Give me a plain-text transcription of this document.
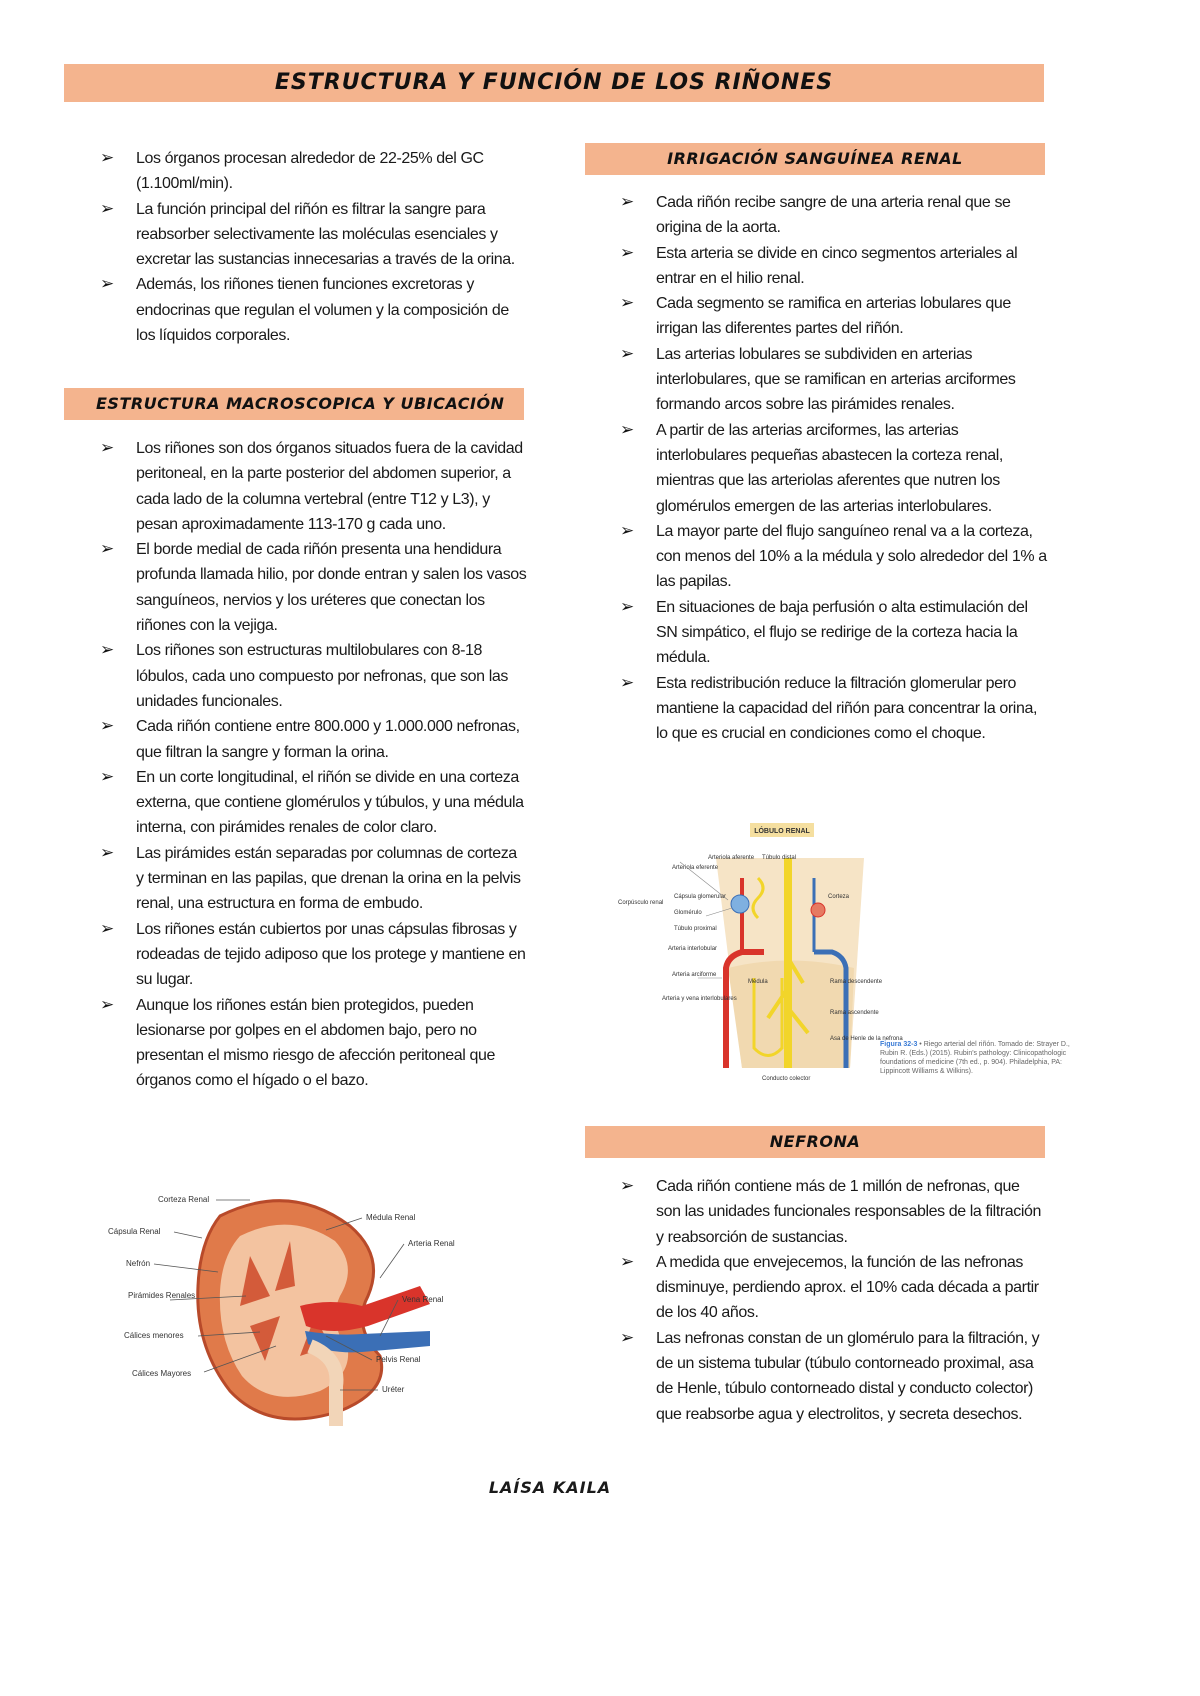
ESTRUCTURA Y FUNCIÓN DE LOS RIÑONES
➢ Los órganos procesan alrededor de 22-25% del GC (1.100ml/min).
➢ La función principal del riñón es filtrar la sangre para reabsorber selectivamente las moléculas esenciales y excretar las sustancias innecesarias a través de la orina.
➢ Además, los riñones tienen funciones excretoras y endocrinas que regulan el volumen y la composición de los líquidos corporales.
ESTRUCTURA MACROSCOPICA Y UBICACIÓN
➢ Los riñones son dos órganos situados fuera de la cavidad peritoneal, en la parte posterior del abdomen superior, a cada lado de la columna vertebral (entre T12 y L3), y pesan aproximadamente 113-170 g cada uno.
➢ El borde medial de cada riñón presenta una hendidura profunda llamada hilio, por donde entran y salen los vasos sanguíneos, nervios y los uréteres que conectan los riñones con la vejiga.
➢ Los riñones son estructuras multilobulares con 8-18 lóbulos, cada uno compuesto por nefronas, que son las unidades funcionales.
➢ Cada riñón contiene entre 800.000 y 1.000.000 nefronas, que filtran la sangre y forman la orina.
➢ En un corte longitudinal, el riñón se divide en una corteza externa, que contiene glomérulos y túbulos, y una médula interna, con pirámides renales de color claro.
➢ Las pirámides están separadas por columnas de corteza y terminan en las papilas, que drenan la orina en la pelvis renal, una estructura en forma de embudo.
➢ Los riñones están cubiertos por unas cápsulas fibrosas y rodeadas de tejido adiposo que los protege y mantiene en su lugar.
➢ Aunque los riñones están bien protegidos, pueden lesionarse por golpes en el abdomen bajo, pero no presentan el mismo riesgo de afección peritoneal que órganos como el hígado o el bazo.
IRRIGACIÓN SANGUÍNEA RENAL
➢ Cada riñón recibe sangre de una arteria renal que se origina de la aorta.
➢ Esta arteria se divide en cinco segmentos arteriales al entrar en el hilio renal.
➢ Cada segmento se ramifica en arterias lobulares que irrigan las diferentes partes del riñón.
➢ Las arterias lobulares se subdividen en arterias interlobulares, que se ramifican en arterias arciformes formando arcos sobre las pirámides renales.
➢ A partir de las arterias arciformes, las arterias interlobulares pequeñas abastecen la corteza renal, mientras que las arteriolas aferentes que nutren los glomérulos emergen de las arterias interlobulares.
➢ La mayor parte del flujo sanguíneo renal va a la corteza, con menos del 10% a la médula y solo alrededor del 1% a las papilas.
➢ En situaciones de baja perfusión o alta estimulación del SN simpático, el flujo se redirige de la corteza hacia la médula.
➢ Esta redistribución reduce la filtración glomerular pero mantiene la capacidad del riñón para concentrar la orina, lo que es crucial en condiciones como el choque.
LÓBULO RENAL
Arteriola aferente
Arteriola eferente
Túbulo distal
Corpúsculo renal
Cápsula glomerular
Glomérulo
Túbulo proximal
Arteria interlobular
Arteria arciforme
Arteria y vena interlobulares
Corteza
Médula	Rama descendente
Rama ascendente
Asa de Henle de la nefrona
Conducto colector
Figura 32-3 • Riego arterial del riñón. Tomado de: Strayer D., Rubin R. (Eds.) (2015). Rubin's pathology: Clinicopathologic foundations of medicine (7th ed., p. 904). Philadelphia, PA: Lippincott Williams & Wilkins).
Corteza Renal
Cápsula Renal
Nefrón
Pirámides Renales
Cálices menores
Cálices Mayores
Médula Renal
Arteria Renal
Vena Renal
Pelvis Renal
Uréter
NEFRONA
➢ Cada riñón contiene más de 1 millón de nefronas, que son las unidades funcionales responsables de la filtración y reabsorción de sustancias.
➢ A medida que envejecemos, la función de las nefronas disminuye, perdiendo aprox. el 10% cada década a partir de los 40 años.
➢ Las nefronas constan de un glomérulo para la filtración, y de un sistema tubular (túbulo contorneado proximal, asa de Henle, túbulo contorneado distal y conducto colector) que reabsorbe agua y electrolitos, y secreta desechos.
LAÍSA KAILA
